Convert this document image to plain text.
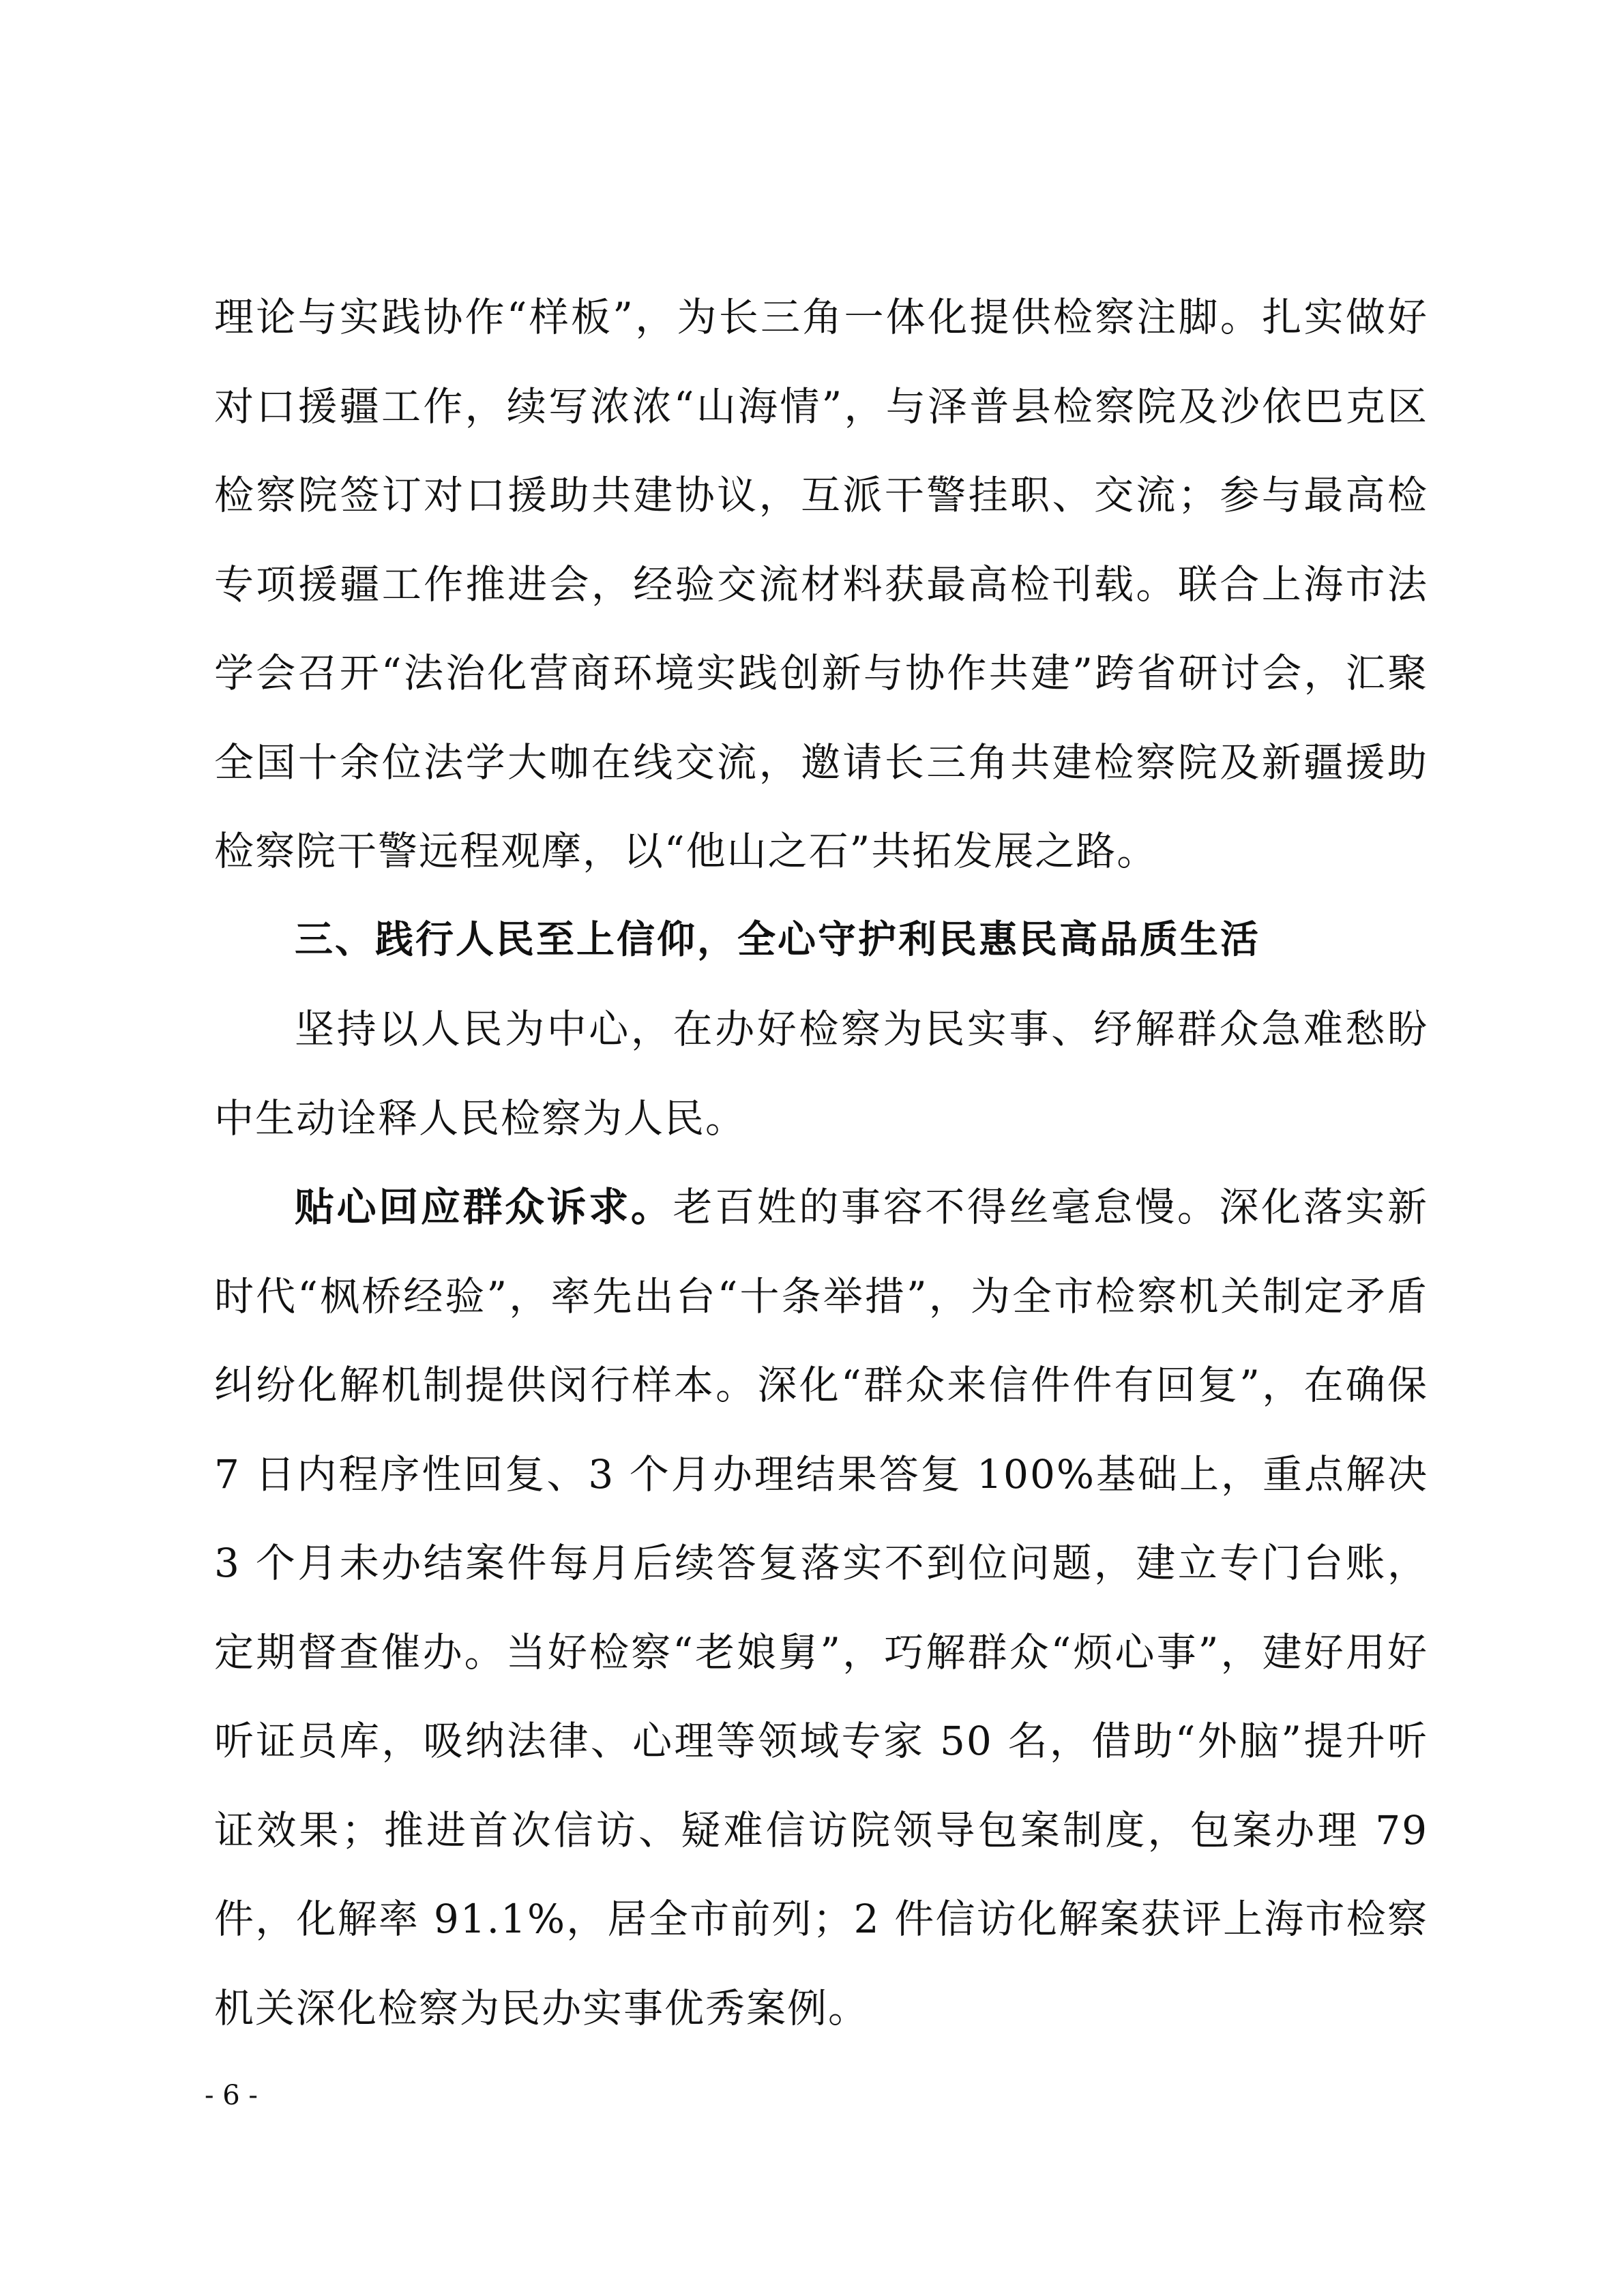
理论与实践协作“样板”，为长三角一体化提供检察注脚。扎实做好对口援疆工作，续写浓浓“山海情”，与泽普县检察院及沙依巴克区检察院签订对口援助共建协议，互派干警挂职、交流；参与最高检专项援疆工作推进会，经验交流材料获最高检刊载。联合上海市法学会召开“法治化营商环境实践创新与协作共建”跨省研讨会，汇聚全国十余位法学大咖在线交流，邀请长三角共建检察院及新疆援助检察院干警远程观摩，以“他山之石”共拓发展之路。

三、践行人民至上信仰，全心守护利民惠民高品质生活

坚持以人民为中心，在办好检察为民实事、纾解群众急难愁盼中生动诠释人民检察为人民。

贴心回应群众诉求。老百姓的事容不得丝毫怠慢。深化落实新时代“枫桥经验”，率先出台“十条举措”，为全市检察机关制定矛盾纠纷化解机制提供闵行样本。深化“群众来信件件有回复”，在确保 7 日内程序性回复、3 个月办理结果答复 100%基础上，重点解决 3 个月未办结案件每月后续答复落实不到位问题，建立专门台账，定期督查催办。当好检察“老娘舅”，巧解群众“烦心事”，建好用好听证员库，吸纳法律、心理等领域专家 50 名，借助“外脑”提升听证效果；推进首次信访、疑难信访院领导包案制度，包案办理 79 件，化解率 91.1%，居全市前列；2 件信访化解案获评上海市检察机关深化检察为民办实事优秀案例。

- 6 -
